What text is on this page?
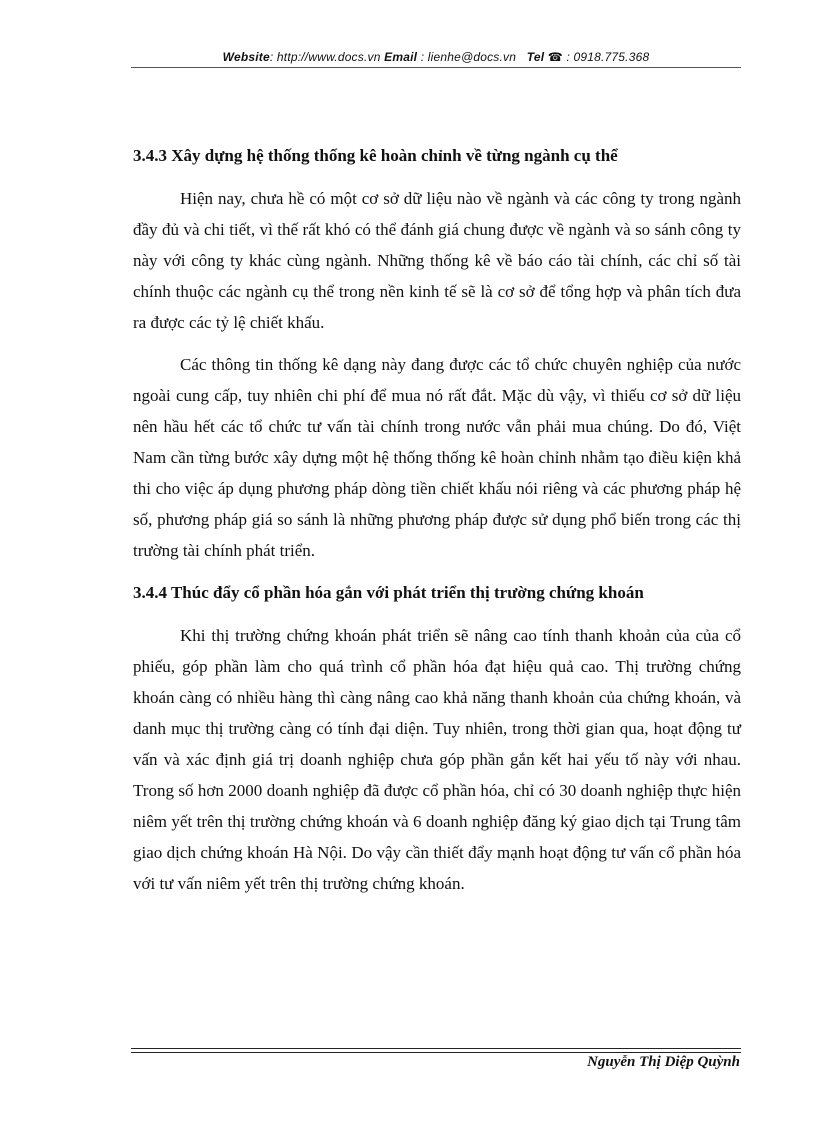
Website: http://www.docs.vn Email : lienhe@docs.vn Tel ☎ : 0918.775.368
3.4.3 Xây dựng hệ thống thống kê hoàn chỉnh về từng ngành cụ thể

Hiện nay, chưa hề có một cơ sở dữ liệu nào về ngành và các công ty trong ngành đầy đủ và chi tiết, vì thế rất khó có thể đánh giá chung được về ngành và so sánh công ty này với công ty khác cùng ngành. Những thống kê về báo cáo tài chính, các chỉ số tài chính thuộc các ngành cụ thể trong nền kinh tế sẽ là cơ sở để tổng hợp và phân tích đưa ra được các tỷ lệ chiết khấu.

Các thông tin thống kê dạng này đang được các tổ chức chuyên nghiệp của nước ngoài cung cấp, tuy nhiên chi phí để mua nó rất đắt. Mặc dù vậy, vì thiếu cơ sở dữ liệu nên hầu hết các tổ chức tư vấn tài chính trong nước vẫn phải mua chúng. Do đó, Việt Nam cần từng bước xây dựng một hệ thống thống kê hoàn chỉnh nhằm tạo điều kiện khả thi cho việc áp dụng phương pháp dòng tiền chiết khấu nói riêng và các phương pháp hệ số, phương pháp giá so sánh là những phương pháp được sử dụng phổ biến trong các thị trường tài chính phát triển.

3.4.4 Thúc đẩy cổ phần hóa gắn với phát triển thị trường chứng khoán

Khi thị trường chứng khoán phát triển sẽ nâng cao tính thanh khoản của của cổ phiếu, góp phần làm cho quá trình cổ phần hóa đạt hiệu quả cao. Thị trường chứng khoán càng có nhiều hàng thì càng nâng cao khả năng thanh khoản của chứng khoán, và danh mục thị trường càng có tính đại diện. Tuy nhiên, trong thời gian qua, hoạt động tư vấn và xác định giá trị doanh nghiệp chưa góp phần gắn kết hai yếu tố này với nhau. Trong số hơn 2000 doanh nghiệp đã được cổ phần hóa, chỉ có 30 doanh nghiệp thực hiện niêm yết trên thị trường chứng khoán và 6 doanh nghiệp đăng ký giao dịch tại Trung tâm giao dịch chứng khoán Hà Nội. Do vậy cần thiết đẩy mạnh hoạt động tư vấn cổ phần hóa với tư vấn niêm yết trên thị trường chứng khoán.

Nguyễn Thị Diệp Quỳnh
